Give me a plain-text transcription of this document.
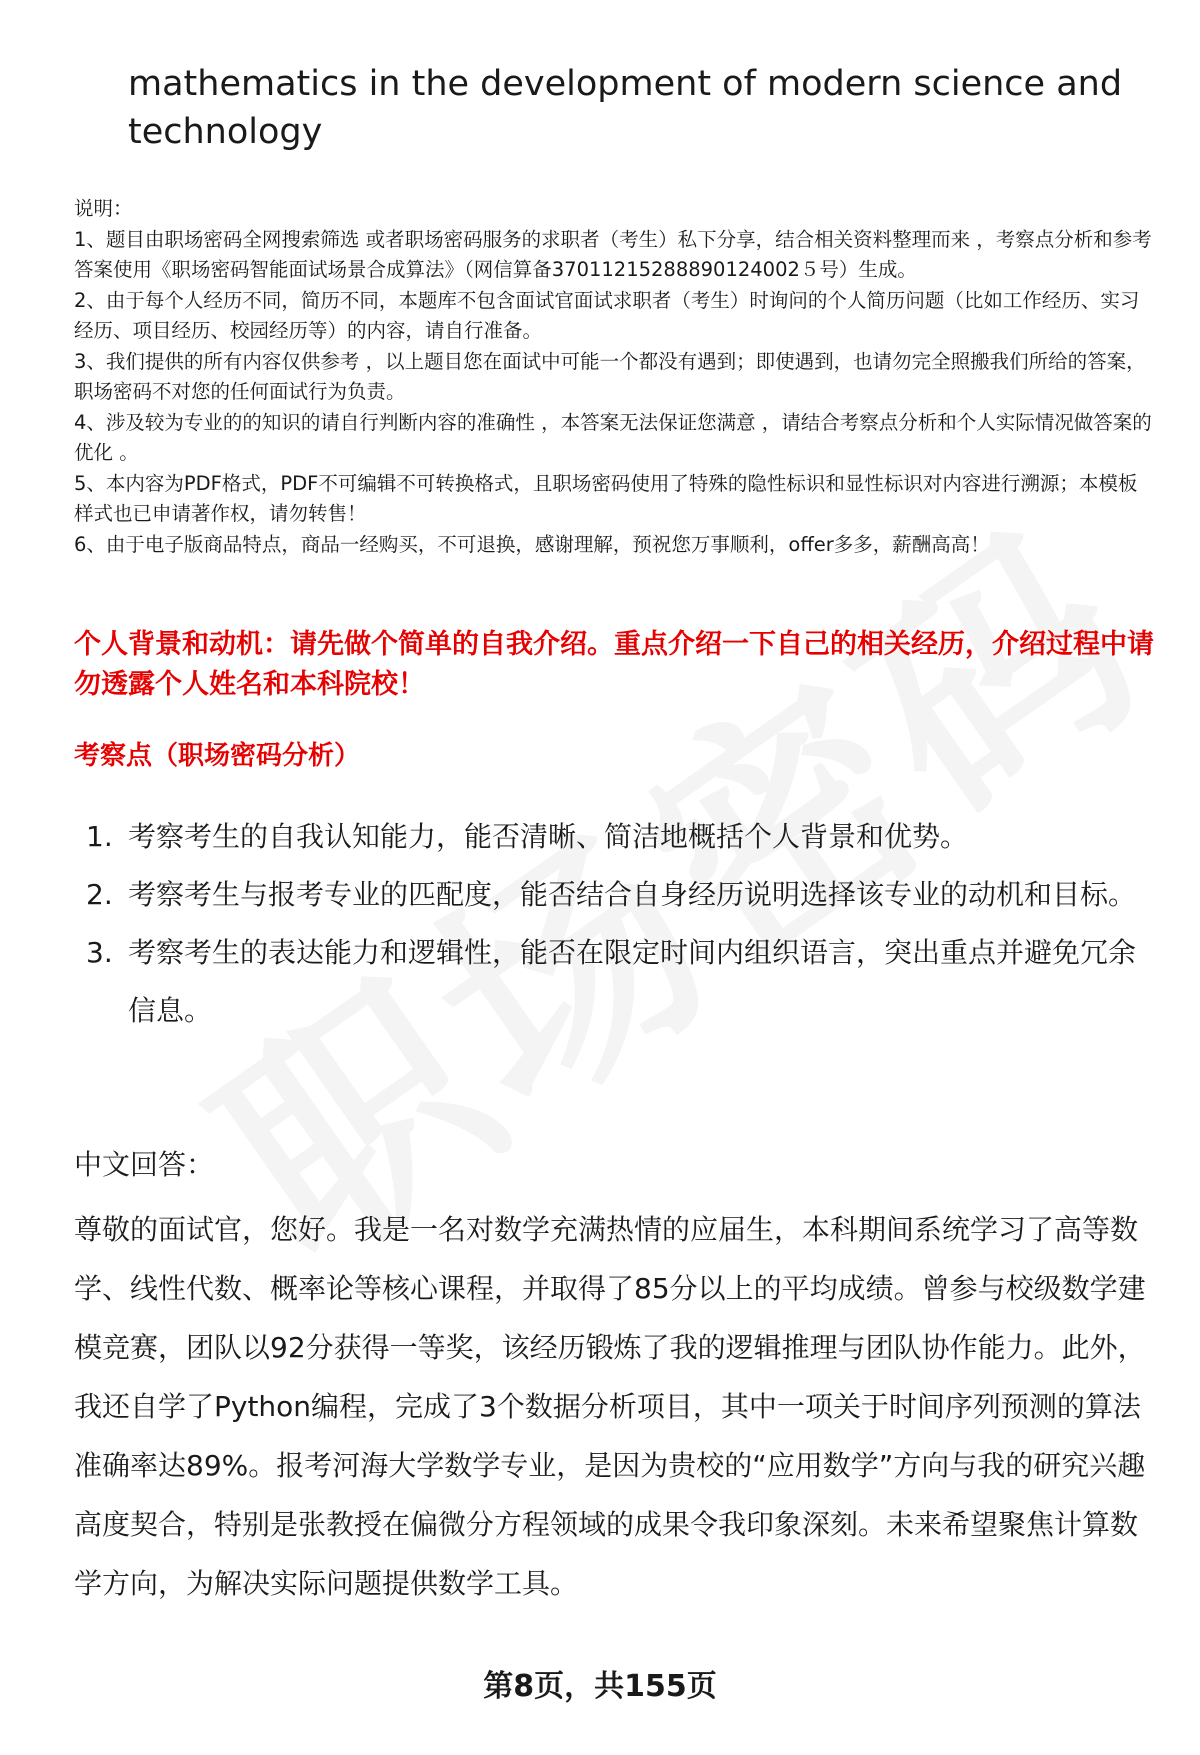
mathematics in the development of modern science and technology

说明：

1、题目由职场密码全网搜索筛选 或者职场密码服务的求职者（考生）私下分享，结合相关资料整理而来 ，考察点分析和参考答案使用《职场密码智能面试场景合成算法》（网信算备37011215288890124002５号）生成。

2、由于每个人经历不同，简历不同，本题库不包含面试官面试求职者（考生）时询问的个人简历问题（比如工作经历、实习经历、项目经历、校园经历等）的内容，请自行准备。

3、我们提供的所有内容仅供参考 ，以上题目您在面试中可能一个都没有遇到；即使遇到，也请勿完全照搬我们所给的答案，职场密码不对您的任何面试行为负责。

4、涉及较为专业的的知识的请自行判断内容的准确性 ，本答案无法保证您满意 ，请结合考察点分析和个人实际情况做答案的优化 。

5、本内容为PDF格式，PDF不可编辑不可转换格式，且职场密码使用了特殊的隐性标识和显性标识对内容进行溯源；本模板样式也已申请著作权，请勿转售！

6、由于电子版商品特点，商品一经购买，不可退换，感谢理解，预祝您万事顺利，offer多多，薪酬高高！

个人背景和动机：请先做个简单的自我介绍。重点介绍一下自己的相关经历，介绍过程中请勿透露个人姓名和本科院校！
考察点（职场密码分析）
1. 考察考生的自我认知能力，能否清晰、简洁地概括个人背景和优势。
2. 考察考生与报考专业的匹配度，能否结合自身经历说明选择该专业的动机和目标。
3. 考察考生的表达能力和逻辑性，能否在限定时间内组织语言，突出重点并避免冗余信息。

中文回答：

尊敬的面试官，您好。我是一名对数学充满热情的应届生，本科期间系统学习了高等数学、线性代数、概率论等核心课程，并取得了85分以上的平均成绩。曾参与校级数学建模竞赛，团队以92分获得一等奖，该经历锻炼了我的逻辑推理与团队协作能力。此外，我还自学了Python编程，完成了3个数据分析项目，其中一项关于时间序列预测的算法准确率达89%。报考河海大学数学专业，是因为贵校的“应用数学”方向与我的研究兴趣高度契合，特别是张教授在偏微分方程领域的成果令我印象深刻。未来希望聚焦计算数学方向，为解决实际问题提供数学工具。

第8页，共155页
